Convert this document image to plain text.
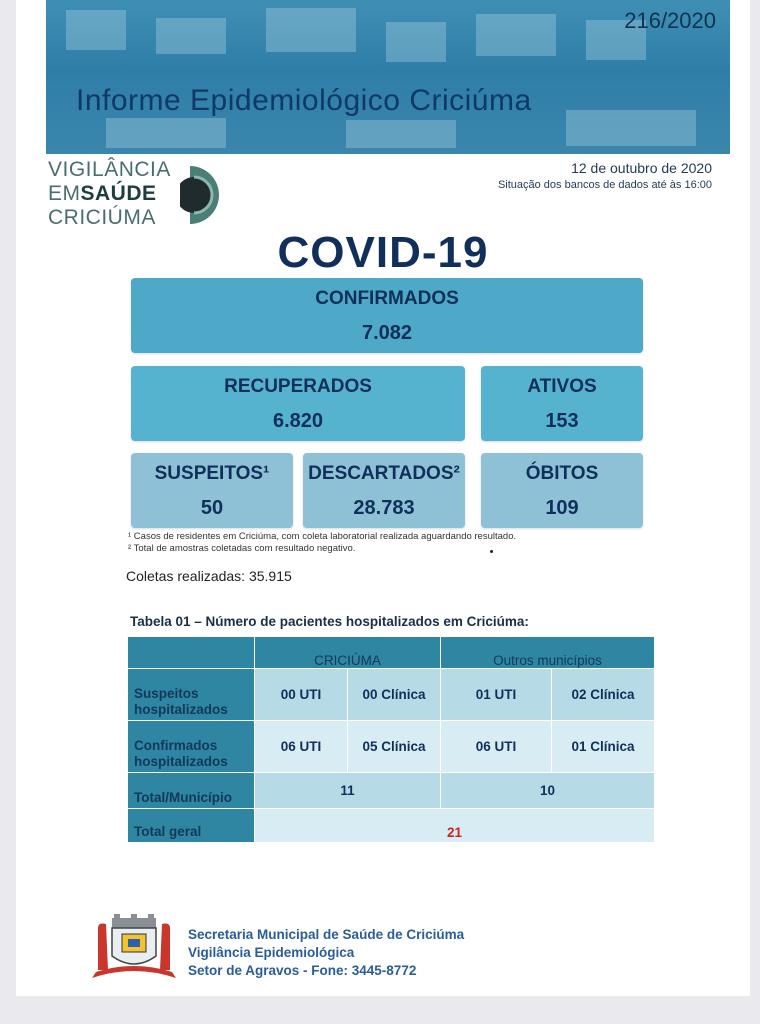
216/2020
Informe Epidemiológico Criciúma
VIGILÂNCIA
EMSAÚDE
CRICIÚMA
12 de outubro de 2020
Situação dos bancos de dados até às 16:00
COVID-19
CONFIRMADOS
7.082
RECUPERADOS
6.820
ATIVOS
153
SUSPEITOS¹
50
DESCARTADOS²
28.783
ÓBITOS
109
¹ Casos de residentes em Criciúma, com coleta laboratorial realizada aguardando resultado.
² Total de amostras coletadas com resultado negativo.
Coletas realizadas: 35.915
Tabela 01 – Número de pacientes hospitalizados em Criciúma:
	CRICIÚMA		Outros municípios	
Suspeitos hospitalizados	00 UTI	00 Clínica	01 UTI	02 Clínica
Confirmados hospitalizados	06 UTI	05 Clínica	06 UTI	01 Clínica
Total/Município	11		10	
Total geral	21			
Secretaria Municipal de Saúde de Criciúma
Vigilância Epidemiológica
Setor de Agravos - Fone: 3445-8772
